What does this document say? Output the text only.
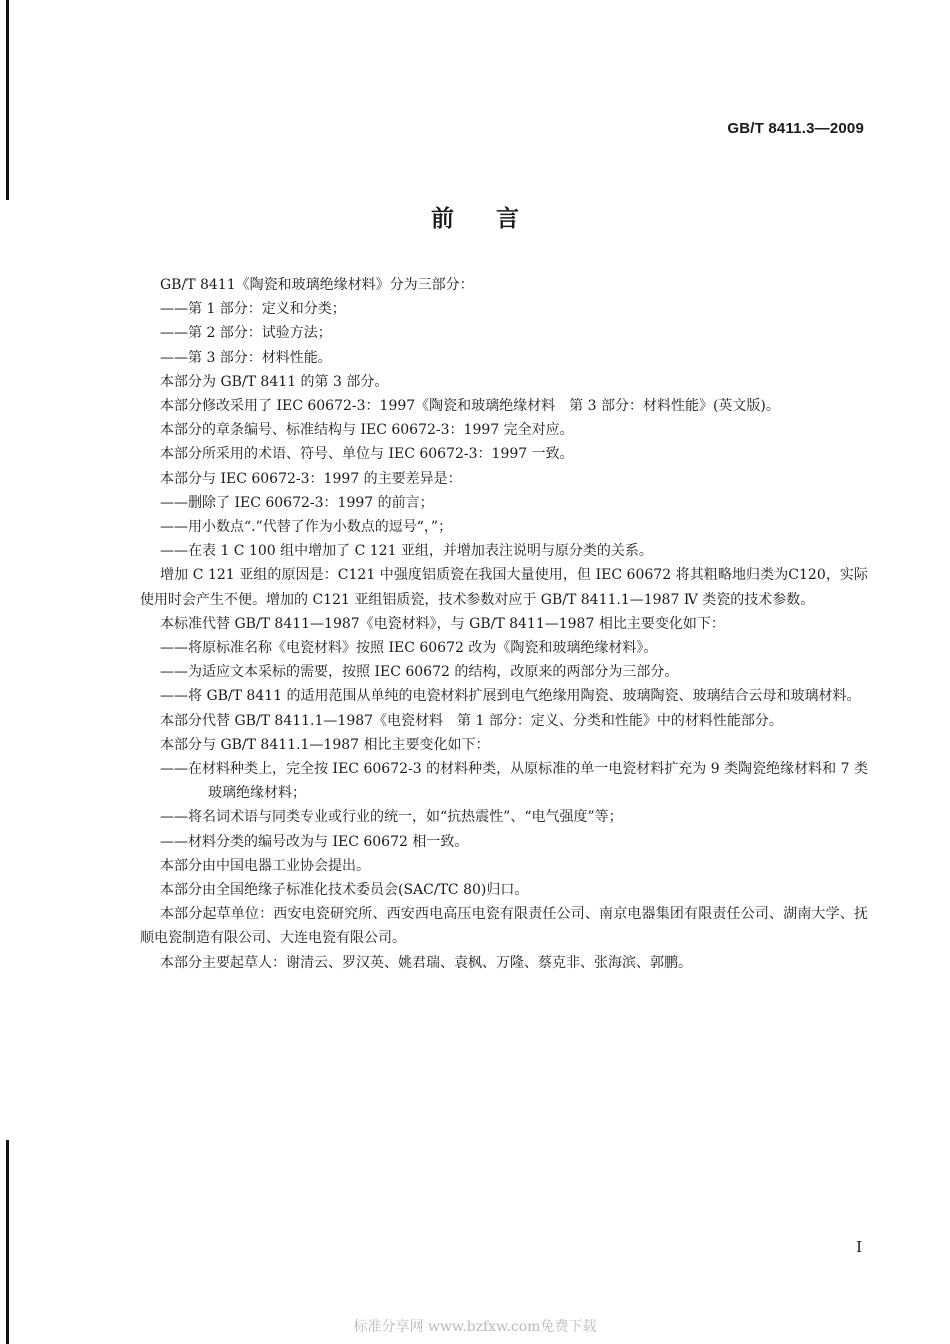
GB/T 8411.3—2009
前言

GB/T 8411《陶瓷和玻璃绝缘材料》分为三部分：

——第 1 部分：定义和分类；

——第 2 部分：试验方法；

——第 3 部分：材料性能。

本部分为 GB/T 8411 的第 3 部分。

本部分修改采用了 IEC 60672-3：1997《陶瓷和玻璃绝缘材料　第 3 部分：材料性能》(英文版)。

本部分的章条编号、标准结构与 IEC 60672-3：1997 完全对应。

本部分所采用的术语、符号、单位与 IEC 60672-3：1997 一致。

本部分与 IEC 60672-3：1997 的主要差异是：

——删除了 IEC 60672-3：1997 的前言；

——用小数点“.”代替了作为小数点的逗号“，”；

——在表 1 C 100 组中增加了 C 121 亚组，并增加表注说明与原分类的关系。

增加 C 121 亚组的原因是：C121 中强度铝质瓷在我国大量使用，但 IEC 60672 将其粗略地归类为C120，实际使用时会产生不便。增加的 C121 亚组铝质瓷，技术参数对应于 GB/T 8411.1—1987 Ⅳ 类瓷的技术参数。

本标准代替 GB/T 8411—1987《电瓷材料》，与 GB/T 8411—1987 相比主要变化如下：

——将原标准名称《电瓷材料》按照 IEC 60672 改为《陶瓷和玻璃绝缘材料》。

——为适应文本采标的需要，按照 IEC 60672 的结构，改原来的两部分为三部分。

——将 GB/T 8411 的适用范围从单纯的电瓷材料扩展到电气绝缘用陶瓷、玻璃陶瓷、玻璃结合云母和玻璃材料。

本部分代替 GB/T 8411.1—1987《电瓷材料　第 1 部分：定义、分类和性能》中的材料性能部分。

本部分与 GB/T 8411.1—1987 相比主要变化如下：

——在材料种类上，完全按 IEC 60672-3 的材料种类，从原标准的单一电瓷材料扩充为 9 类陶瓷绝缘材料和 7 类玻璃绝缘材料；

——将名词术语与同类专业或行业的统一，如“抗热震性”、“电气强度”等；

——材料分类的编号改为与 IEC 60672 相一致。

本部分由中国电器工业协会提出。

本部分由全国绝缘子标准化技术委员会(SAC/TC 80)归口。

本部分起草单位：西安电瓷研究所、西安西电高压电瓷有限责任公司、南京电器集团有限责任公司、湖南大学、抚顺电瓷制造有限公司、大连电瓷有限公司。

本部分主要起草人：谢清云、罗汉英、姚君瑞、袁枫、万隆、蔡克非、张海滨、郭鹏。

I
标准分享网 www.bzfxw.com免费下载
